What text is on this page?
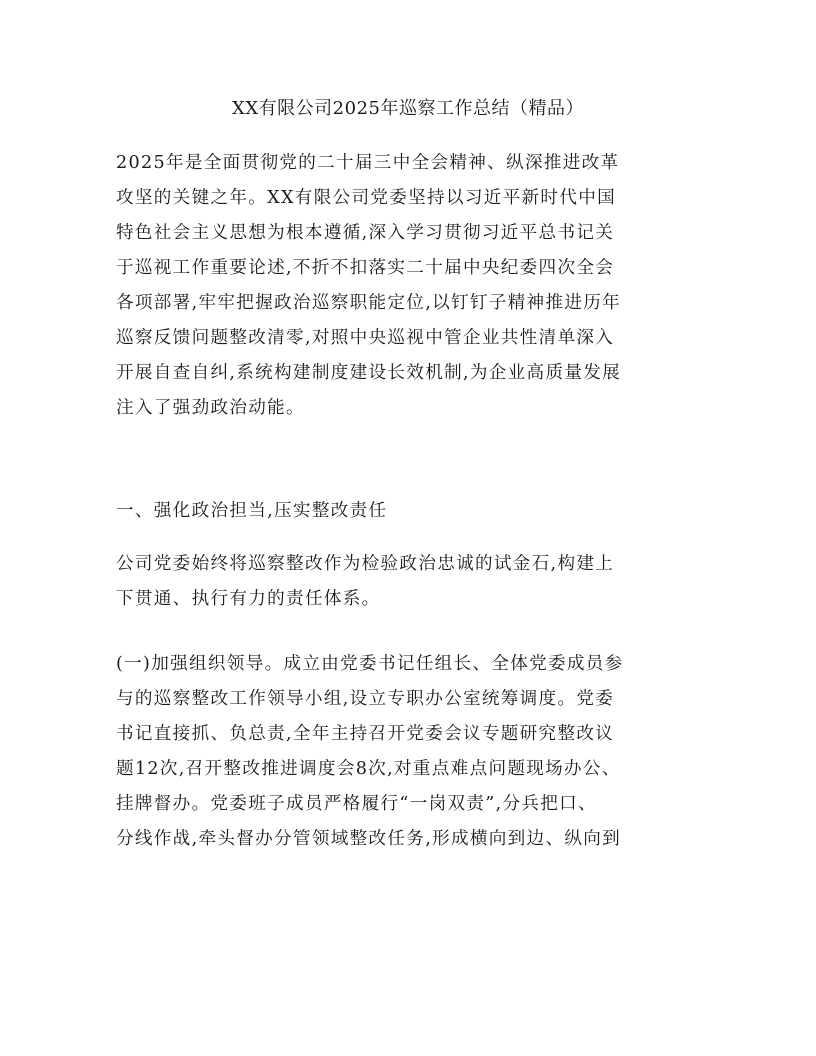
XX有限公司2025年巡察工作总结（精品）

2025年是全面贯彻党的二十届三中全会精神、纵深推进改革

攻坚的关键之年。XX有限公司党委坚持以习近平新时代中国

特色社会主义思想为根本遵循,深入学习贯彻习近平总书记关

于巡视工作重要论述,不折不扣落实二十届中央纪委四次全会

各项部署,牢牢把握政治巡察职能定位,以钉钉子精神推进历年

巡察反馈问题整改清零,对照中央巡视中管企业共性清单深入

开展自查自纠,系统构建制度建设长效机制,为企业高质量发展

注入了强劲政治动能。

一、强化政治担当,压实整改责任

公司党委始终将巡察整改作为检验政治忠诚的试金石,构建上

下贯通、执行有力的责任体系。

(一)加强组织领导。成立由党委书记任组长、全体党委成员参

与的巡察整改工作领导小组,设立专职办公室统筹调度。党委

书记直接抓、负总责,全年主持召开党委会议专题研究整改议

题12次,召开整改推进调度会8次,对重点难点问题现场办公、

挂牌督办。党委班子成员严格履行“一岗双责”,分兵把口、

分线作战,牵头督办分管领域整改任务,形成横向到边、纵向到
